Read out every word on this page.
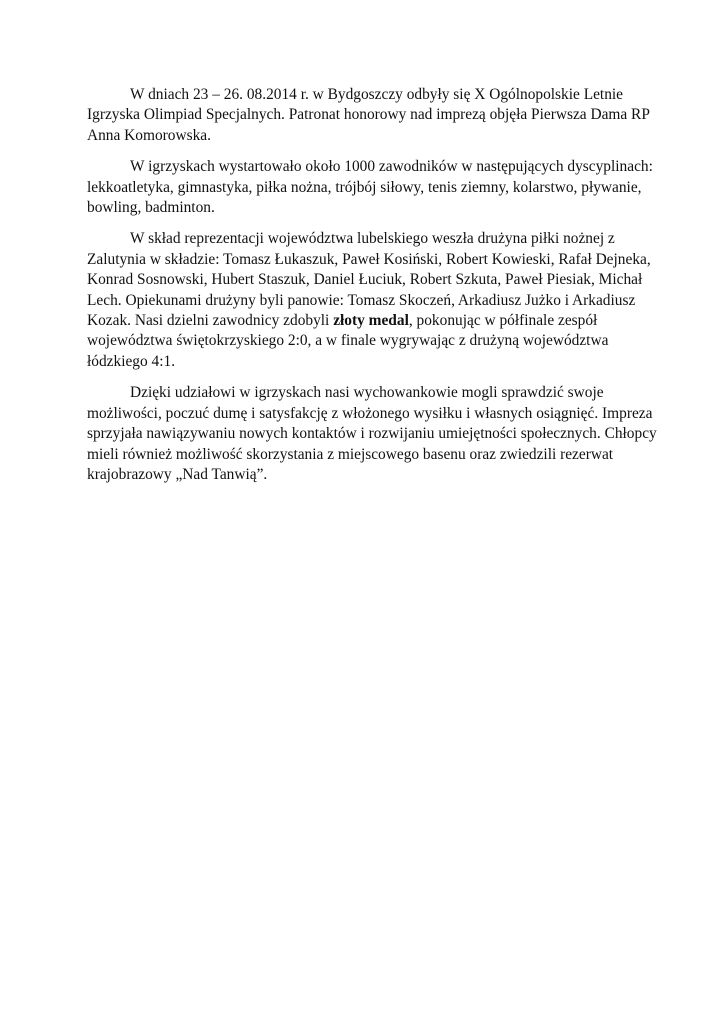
W dniach 23 – 26. 08.2014 r. w Bydgoszczy odbyły się X Ogólnopolskie Letnie
Igrzyska Olimpiad Specjalnych. Patronat honorowy nad imprezą objęła Pierwsza Dama RP
Anna Komorowska.

W igrzyskach wystartowało około 1000 zawodników w następujących dyscyplinach:
lekkoatletyka, gimnastyka, piłka nożna, trójbój siłowy, tenis ziemny, kolarstwo, pływanie,
bowling, badminton.

W skład reprezentacji województwa lubelskiego weszła drużyna piłki nożnej z
Zalutynia w składzie: Tomasz Łukaszuk, Paweł Kosiński, Robert Kowieski, Rafał Dejneka,
Konrad Sosnowski, Hubert Staszuk, Daniel Łuciuk, Robert Szkuta, Paweł Piesiak, Michał
Lech. Opiekunami drużyny byli panowie: Tomasz Skoczeń, Arkadiusz Jużko i Arkadiusz
Kozak. Nasi dzielni zawodnicy zdobyli złoty medal, pokonując w półfinale zespół
województwa świętokrzyskiego 2:0, a w finale wygrywając z drużyną województwa
łódzkiego 4:1.

Dzięki udziałowi w igrzyskach nasi wychowankowie mogli sprawdzić swoje
możliwości, poczuć dumę i satysfakcję z włożonego wysiłku i własnych osiągnięć. Impreza
sprzyjała nawiązywaniu nowych kontaktów i rozwijaniu umiejętności społecznych. Chłopcy
mieli również możliwość skorzystania z miejscowego basenu oraz zwiedzili rezerwat
krajobrazowy „Nad Tanwią”.
